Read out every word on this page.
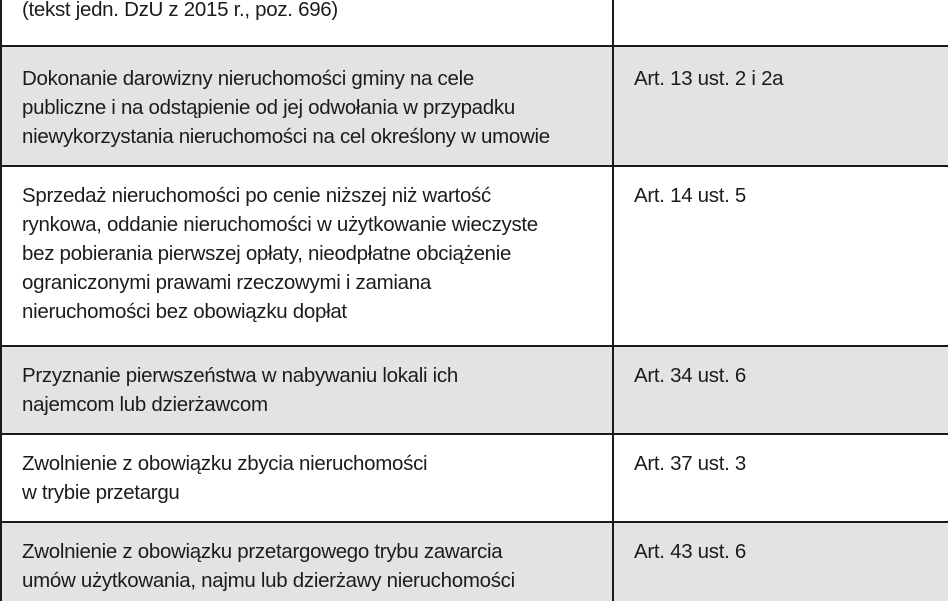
(tekst jedn. DzU z 2015 r., poz. 696)
Dokonanie darowizny nieruchomości gminy na cele
publiczne i na odstąpienie od jej odwołania w przypadku
niewykorzystania nieruchomości na cel określony w umowie
Art. 13 ust. 2 i 2a
Sprzedaż nieruchomości po cenie niższej niż wartość
rynkowa, oddanie nieruchomości w użytkowanie wieczyste
bez pobierania pierwszej opłaty, nieodpłatne obciążenie
ograniczonymi prawami rzeczowymi i zamiana
nieruchomości bez obowiązku dopłat
Art. 14 ust. 5
Przyznanie pierwszeństwa w nabywaniu lokali ich
najemcom lub dzierżawcom
Art. 34 ust. 6
Zwolnienie z obowiązku zbycia nieruchomości
w trybie przetargu
Art. 37 ust. 3
Zwolnienie z obowiązku przetargowego trybu zawarcia
umów użytkowania, najmu lub dzierżawy nieruchomości
Art. 43 ust. 6
